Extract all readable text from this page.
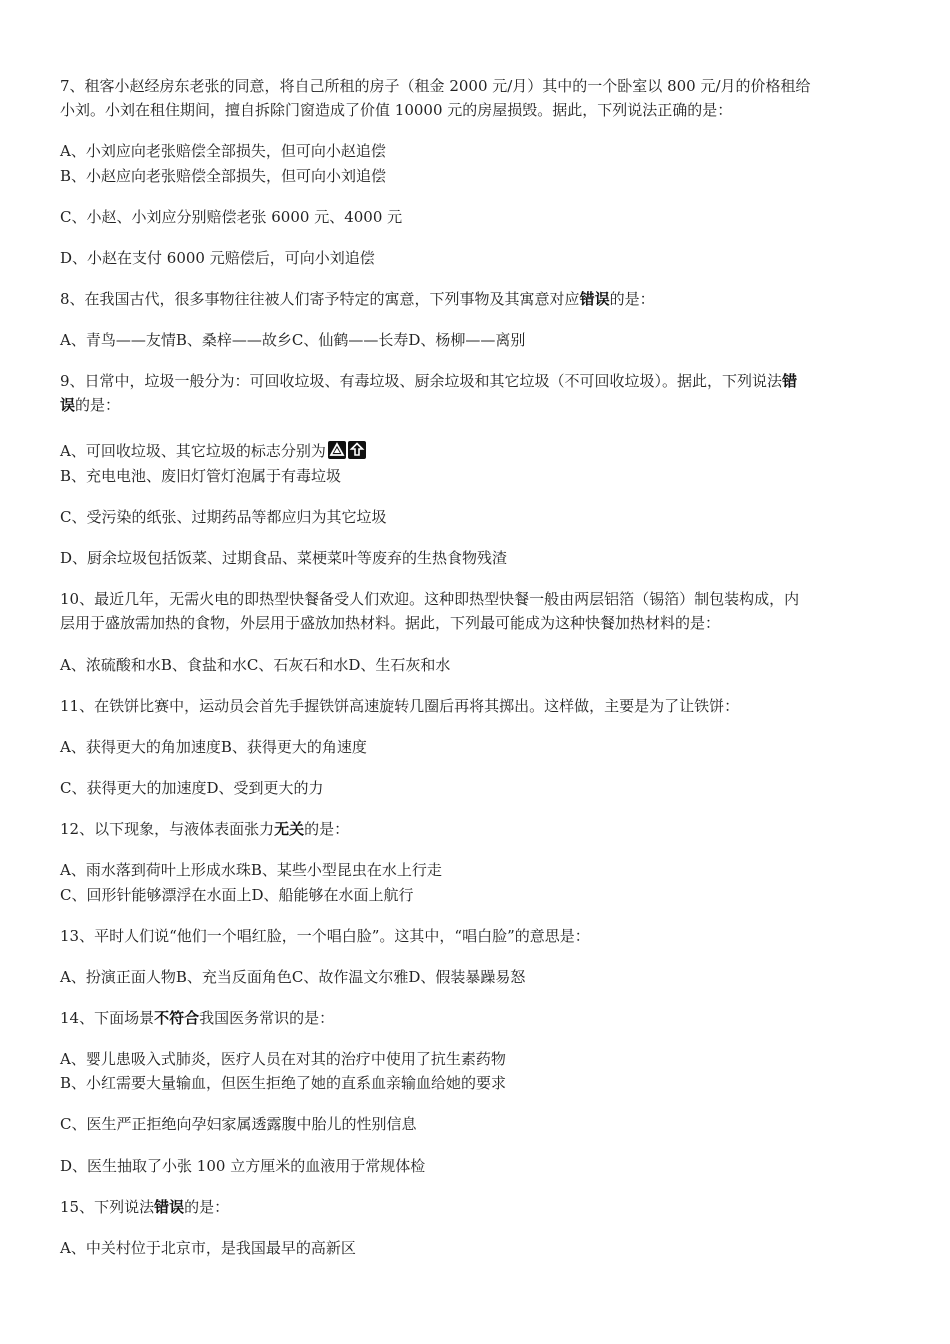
7、租客小赵经房东老张的同意，将自己所租的房子（租金 2000 元/月）其中的一个卧室以 800 元/月的价格租给
小刘。小刘在租住期间，擅自拆除门窗造成了价值 10000 元的房屋损毁。据此，下列说法正确的是：
A、小刘应向老张赔偿全部损失，但可向小赵追偿
B、小赵应向老张赔偿全部损失，但可向小刘追偿
C、小赵、小刘应分别赔偿老张 6000 元、4000 元
D、小赵在支付 6000 元赔偿后，可向小刘追偿
8、在我国古代，很多事物往往被人们寄予特定的寓意，下列事物及其寓意对应错误的是：
A、青鸟——友情B、桑梓——故乡C、仙鹤——长寿D、杨柳——离别
9、日常中，垃圾一般分为：可回收垃圾、有毒垃圾、厨余垃圾和其它垃圾（不可回收垃圾）。据此，下列说法错
误的是：
A、可回收垃圾、其它垃圾的标志分别为
B、充电电池、废旧灯管灯泡属于有毒垃圾
C、受污染的纸张、过期药品等都应归为其它垃圾
D、厨余垃圾包括饭菜、过期食品、菜梗菜叶等废弃的生热食物残渣
10、最近几年，无需火电的即热型快餐备受人们欢迎。这种即热型快餐一般由两层铝箔（锡箔）制包装构成，内
层用于盛放需加热的食物，外层用于盛放加热材料。据此，下列最可能成为这种快餐加热材料的是：
A、浓硫酸和水B、食盐和水C、石灰石和水D、生石灰和水
11、在铁饼比赛中，运动员会首先手握铁饼高速旋转几圈后再将其掷出。这样做，主要是为了让铁饼：
A、获得更大的角加速度B、获得更大的角速度
C、获得更大的加速度D、受到更大的力
12、以下现象，与液体表面张力无关的是：
A、雨水落到荷叶上形成水珠B、某些小型昆虫在水上行走
C、回形针能够漂浮在水面上D、船能够在水面上航行
13、平时人们说“他们一个唱红脸，一个唱白脸”。这其中，“唱白脸”的意思是：
A、扮演正面人物B、充当反面角色C、故作温文尔雅D、假装暴躁易怒
14、下面场景不符合我国医务常识的是：
A、婴儿患吸入式肺炎，医疗人员在对其的治疗中使用了抗生素药物
B、小红需要大量输血，但医生拒绝了她的直系血亲输血给她的要求
C、医生严正拒绝向孕妇家属透露腹中胎儿的性别信息
D、医生抽取了小张 100 立方厘米的血液用于常规体检
15、下列说法错误的是：
A、中关村位于北京市，是我国最早的高新区
